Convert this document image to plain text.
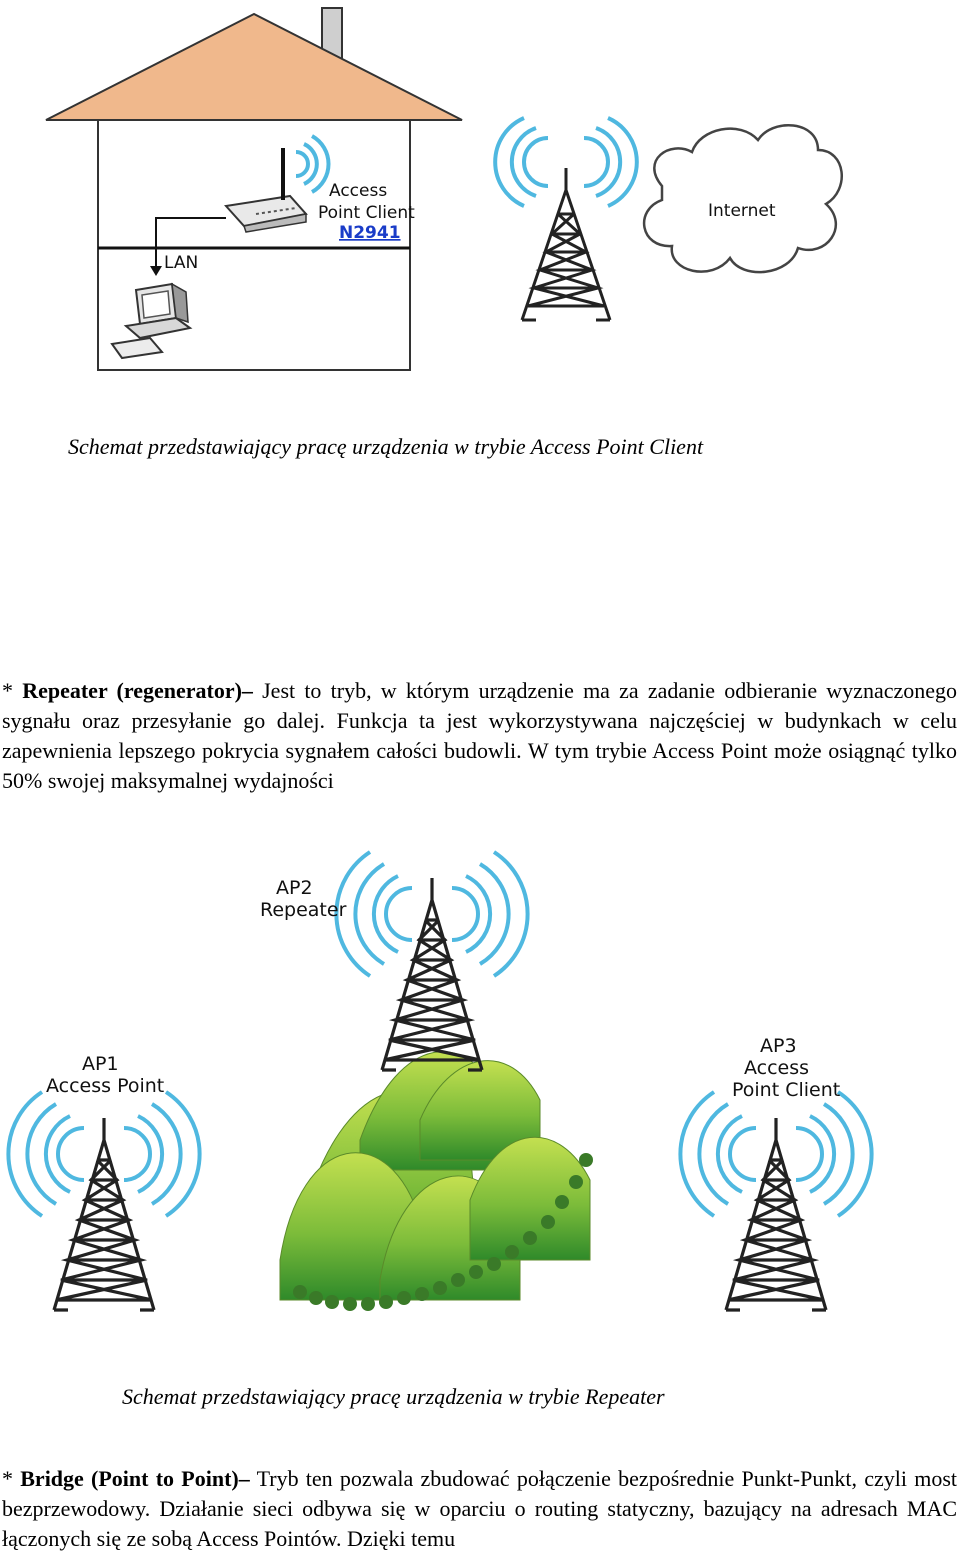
Access
Point Client
N2941
LAN
Internet
Schemat przedstawiający pracę urządzenia w trybie Access Point Client
* Repeater (regenerator)– Jest to tryb, w którym urządzenie ma za zadanie odbieranie wyznaczonego sygnału oraz przesyłanie go dalej. Funkcja ta jest wykorzystywana najczęściej w budynkach w celu zapewnienia lepszego pokrycia sygnałem całości budowli. W tym trybie Access Point może osiągnąć tylko 50% swojej maksymalnej wydajności
AP2
Repeater
AP1
Access Point
AP3
Access
Point Client
Schemat przedstawiający pracę urządzenia w trybie Repeater
* Bridge (Point to Point)– Tryb ten pozwala zbudować połączenie bezpośrednie Punkt-Punkt, czyli most bezprzewodowy. Działanie sieci odbywa się w oparciu o routing statyczny, bazujący na adresach MAC łączonych się ze sobą Access Pointów. Dzięki temu
